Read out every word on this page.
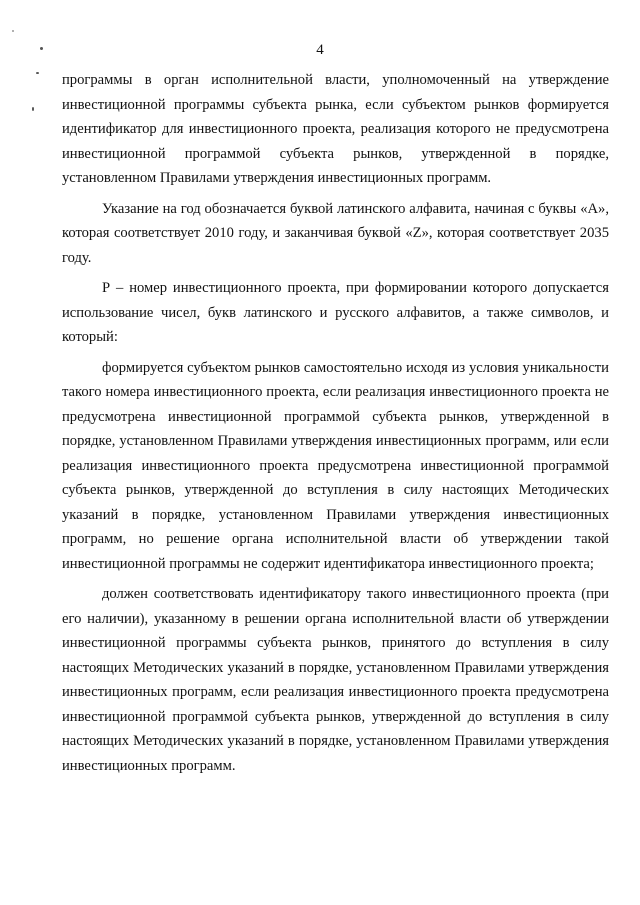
4

программы в орган исполнительной власти, уполномоченный на утверждение инвестиционной программы субъекта рынка, если субъектом рынков формируется идентификатор для инвестиционного проекта, реализация которого не предусмотрена инвестиционной программой субъекта рынков, утвержденной в порядке, установленном Правилами утверждения инвестиционных программ.

Указание на год обозначается буквой латинского алфавита, начиная с буквы «А», которая соответствует 2010 году, и заканчивая буквой «Z», которая соответствует 2035 году.

Р – номер инвестиционного проекта, при формировании которого допускается использование чисел, букв латинского и русского алфавитов, а также символов, и который:

формируется субъектом рынков самостоятельно исходя из условия уникальности такого номера инвестиционного проекта, если реализация инвестиционного проекта не предусмотрена инвестиционной программой субъекта рынков, утвержденной в порядке, установленном Правилами утверждения инвестиционных программ, или если реализация инвестиционного проекта предусмотрена инвестиционной программой субъекта рынков, утвержденной до вступления в силу настоящих Методических указаний в порядке, установленном Правилами утверждения инвестиционных программ, но решение органа исполнительной власти об утверждении такой инвестиционной программы не содержит идентификатора инвестиционного проекта;

должен соответствовать идентификатору такого инвестиционного проекта (при его наличии), указанному в решении органа исполнительной власти об утверждении инвестиционной программы субъекта рынков, принятого до вступления в силу настоящих Методических указаний в порядке, установленном Правилами утверждения инвестиционных программ, если реализация инвестиционного проекта предусмотрена инвестиционной программой субъекта рынков, утвержденной до вступления в силу настоящих Методических указаний в порядке, установленном Правилами утверждения инвестиционных программ.
